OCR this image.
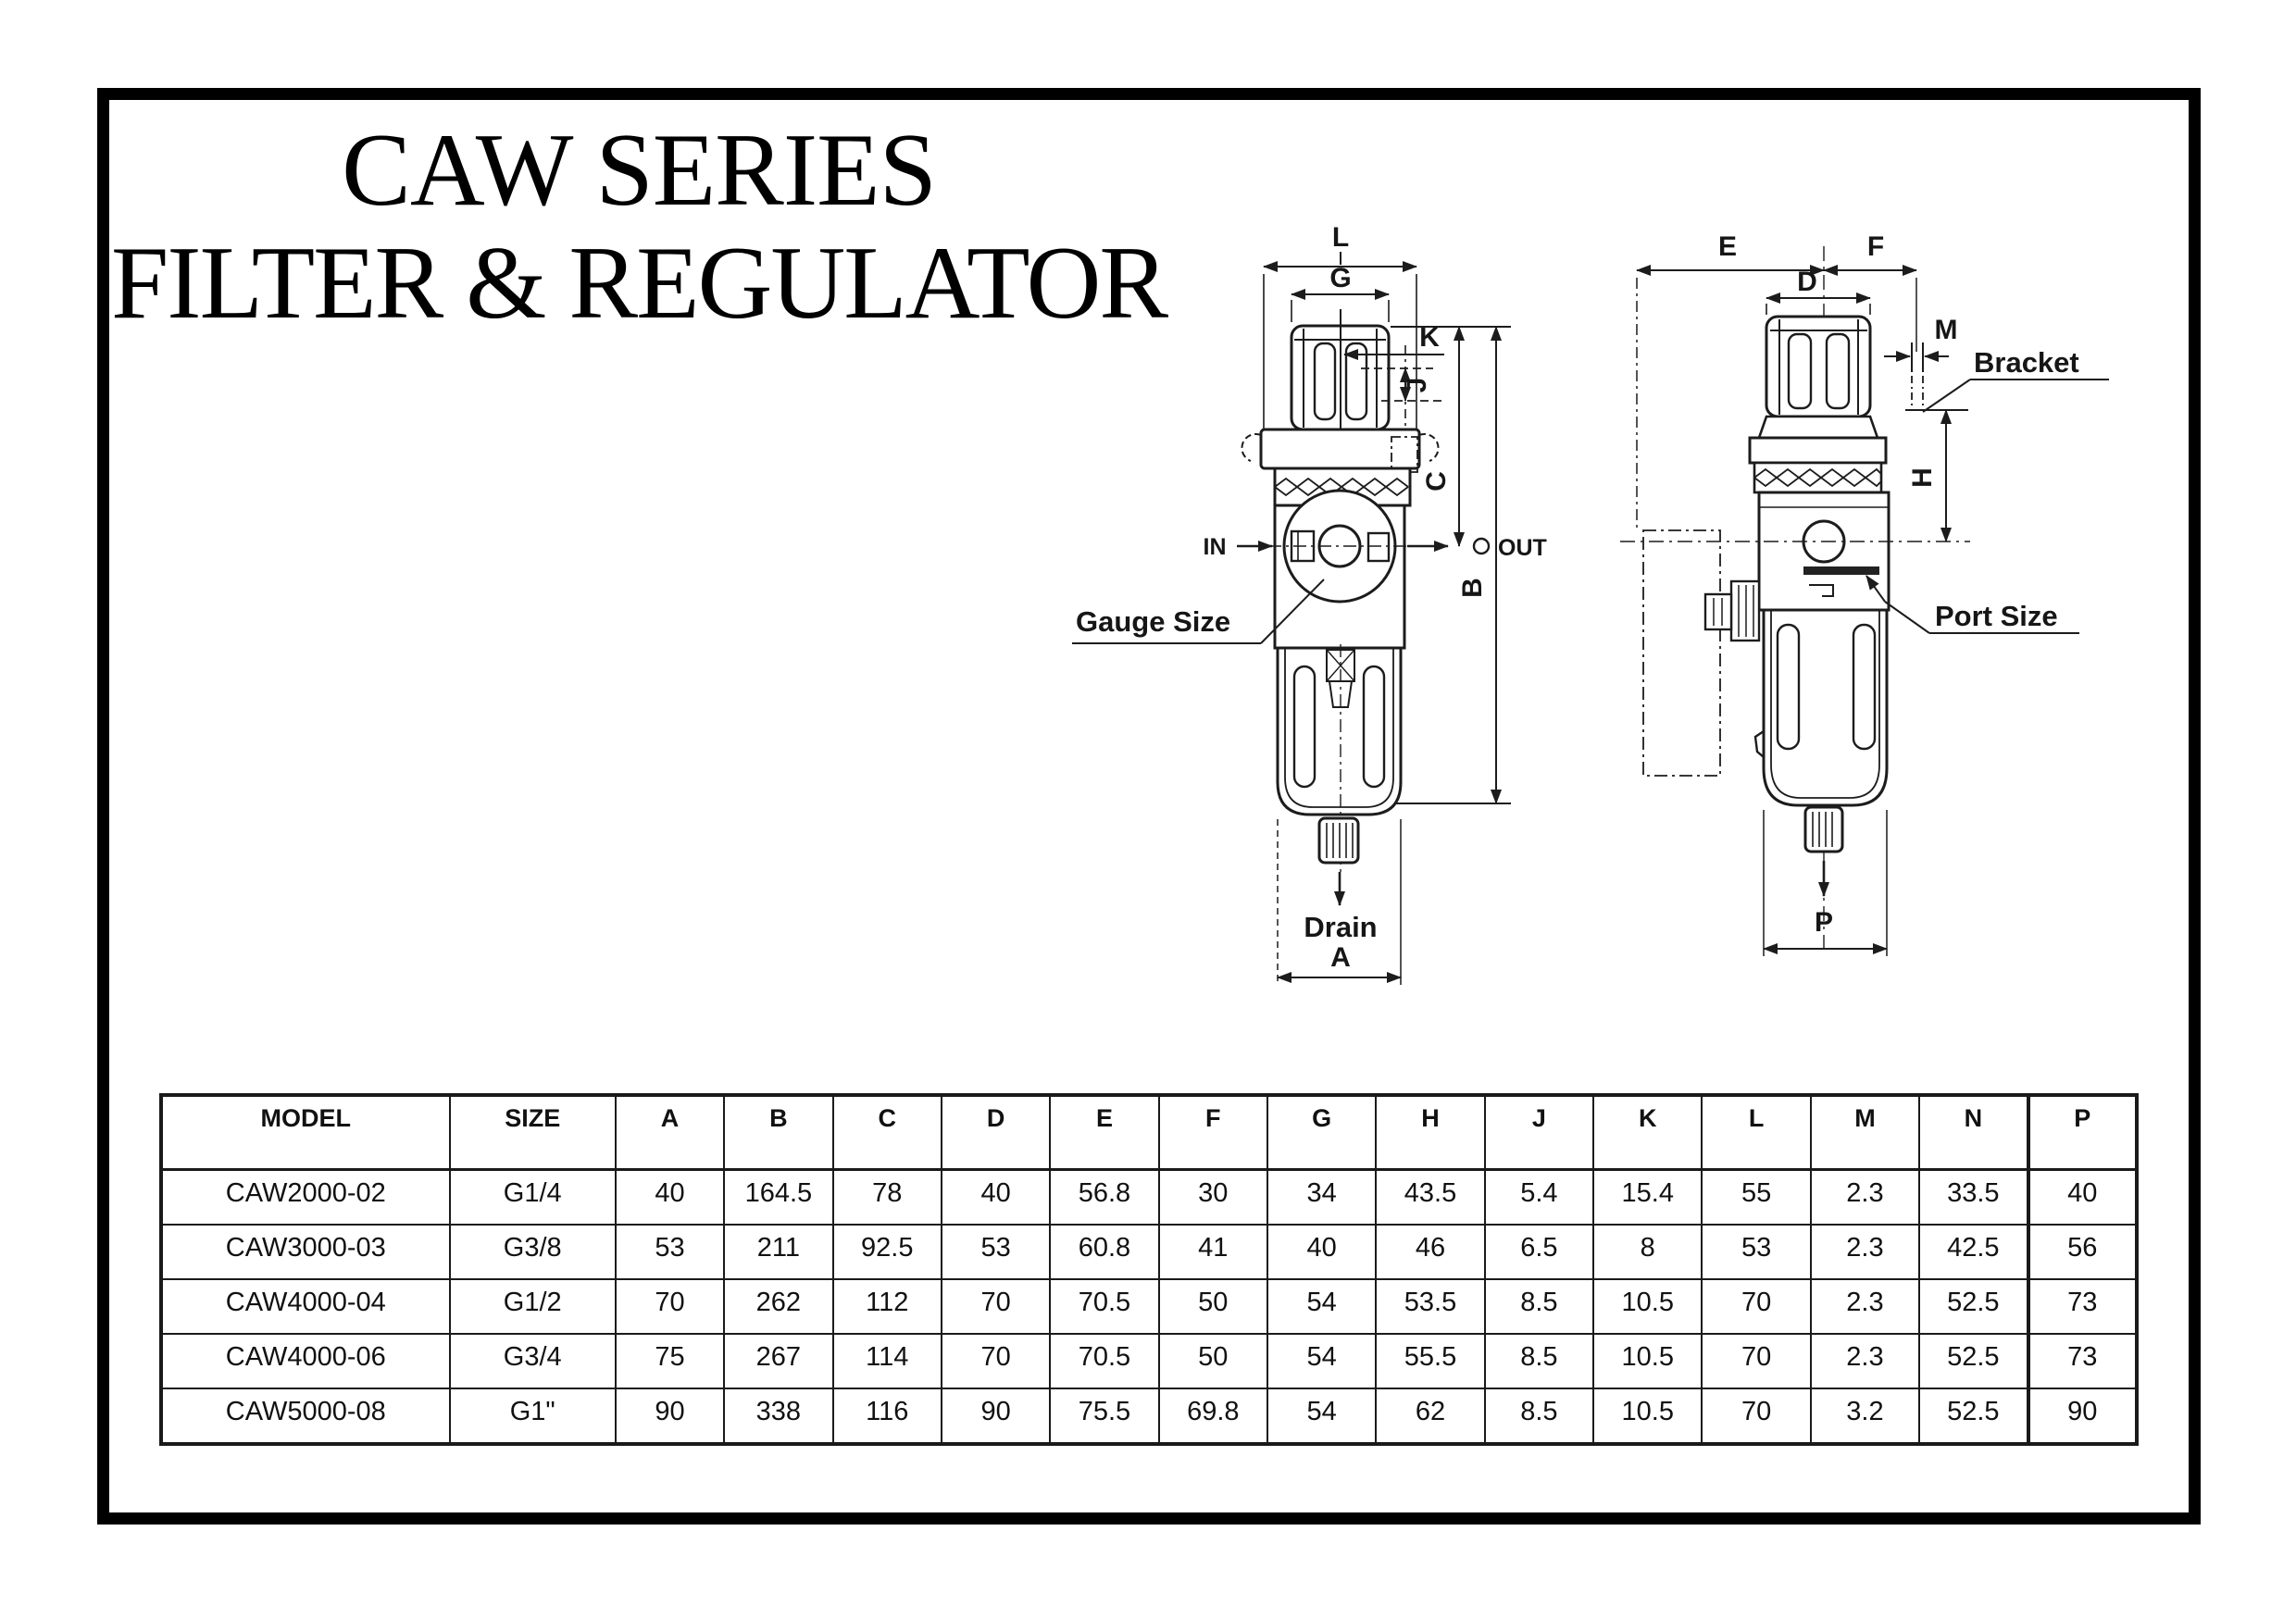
CAW SERIES
FILTER & REGULATOR	L
G
K
J
C
B
IN	OUT
Gauge Size
Drain
A
E	F
D
M
Bracket
H
Port Size
P
MODEL	SIZE	A	B	C	D	E	F	G	H	J	K	L	M	N	P
CAW2000-02	G1/4	40	164.5	78	40	56.8	30	34	43.5	5.4	15.4	55	2.3	33.5	40
CAW3000-03	G3/8	53	211	92.5	53	60.8	41	40	46	6.5	8	53	2.3	42.5	56
CAW4000-04	G1/2	70	262	112	70	70.5	50	54	53.5	8.5	10.5	70	2.3	52.5	73
CAW4000-06	G3/4	75	267	114	70	70.5	50	54	55.5	8.5	10.5	70	2.3	52.5	73
CAW5000-08	G1"	90	338	116	90	75.5	69.8	54	62	8.5	10.5	70	3.2	52.5	90
